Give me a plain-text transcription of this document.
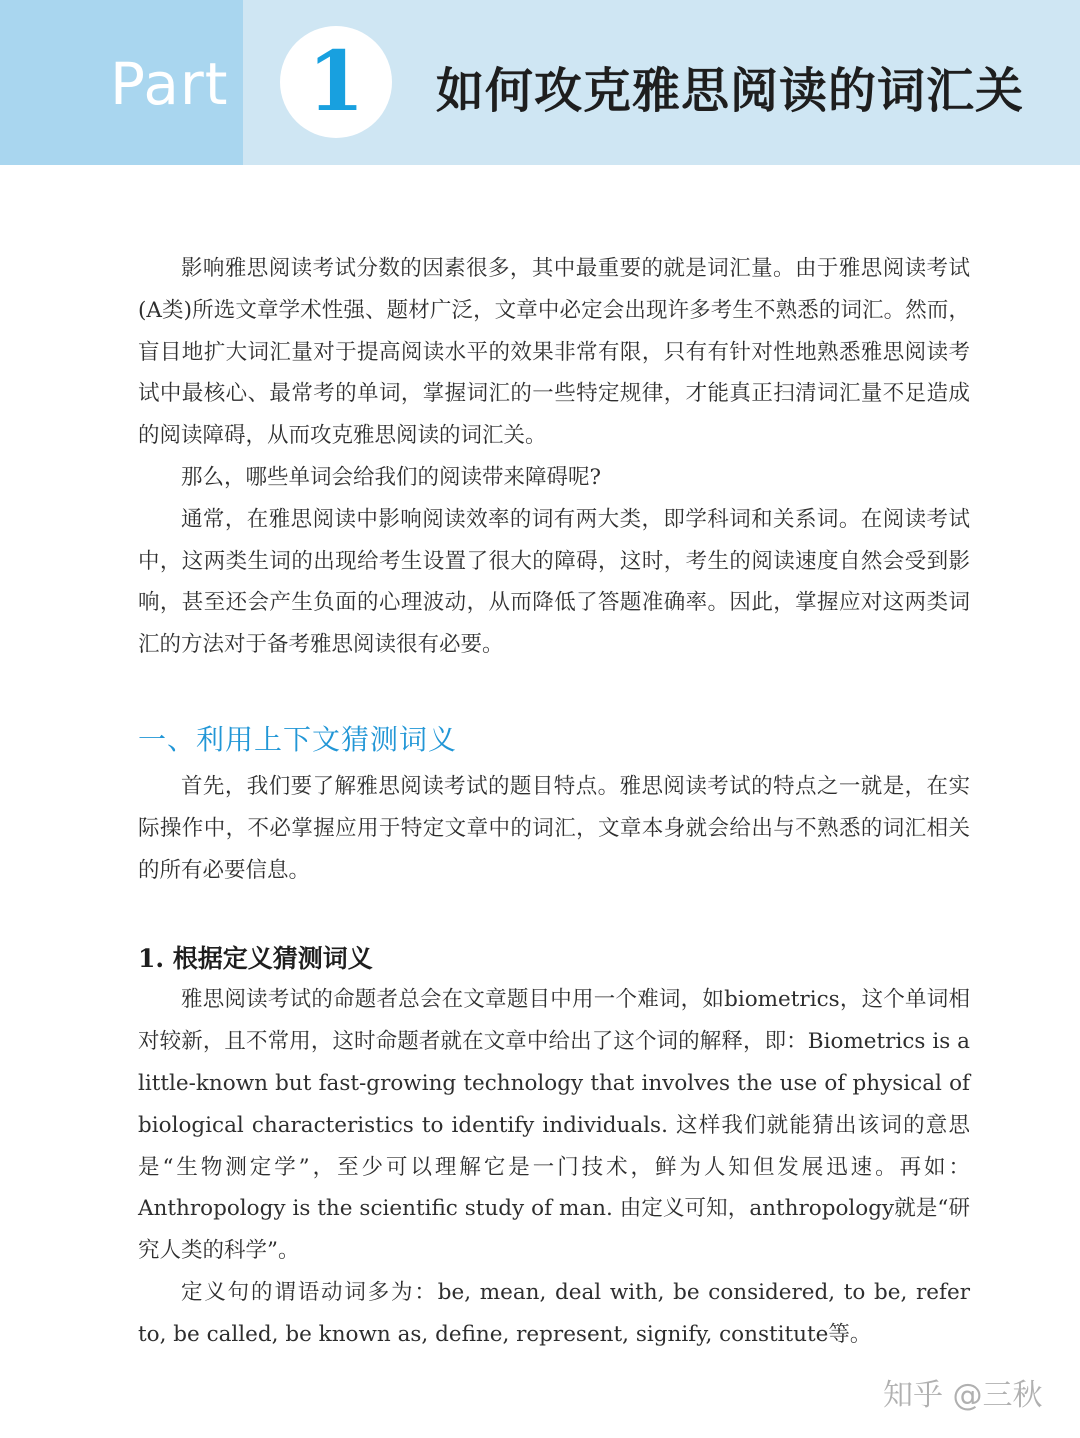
Part 1 如何攻克雅思阅读的词汇关

影响雅思阅读考试分数的因素很多，其中最重要的就是词汇量。由于雅思阅读考试(A类)所选文章学术性强、题材广泛，文章中必定会出现许多考生不熟悉的词汇。然而，盲目地扩大词汇量对于提高阅读水平的效果非常有限，只有有针对性地熟悉雅思阅读考试中最核心、最常考的单词，掌握词汇的一些特定规律，才能真正扫清词汇量不足造成的阅读障碍，从而攻克雅思阅读的词汇关。

那么，哪些单词会给我们的阅读带来障碍呢?

通常，在雅思阅读中影响阅读效率的词有两大类，即学科词和关系词。在阅读考试中，这两类生词的出现给考生设置了很大的障碍，这时，考生的阅读速度自然会受到影响，甚至还会产生负面的心理波动，从而降低了答题准确率。因此，掌握应对这两类词汇的方法对于备考雅思阅读很有必要。

一、利用上下文猜测词义

首先，我们要了解雅思阅读考试的题目特点。雅思阅读考试的特点之一就是，在实际操作中，不必掌握应用于特定文章中的词汇，文章本身就会给出与不熟悉的词汇相关的所有必要信息。

1. 根据定义猜测词义

雅思阅读考试的命题者总会在文章题目中用一个难词，如biometrics，这个单词相对较新，且不常用，这时命题者就在文章中给出了这个词的解释，即：Biometrics is a little-known but fast-growing technology that involves the use of physical of biological characteristics to identify individuals. 这样我们就能猜出该词的意思是“生物测定学”，至少可以理解它是一门技术，鲜为人知但发展迅速。再如：Anthropology is the scientific study of man. 由定义可知，anthropology就是“研究人类的科学”。

定义句的谓语动词多为：be, mean, deal with, be considered, to be, refer to, be called, be known as, define, represent, signify, constitute等。

知乎 @三秋
